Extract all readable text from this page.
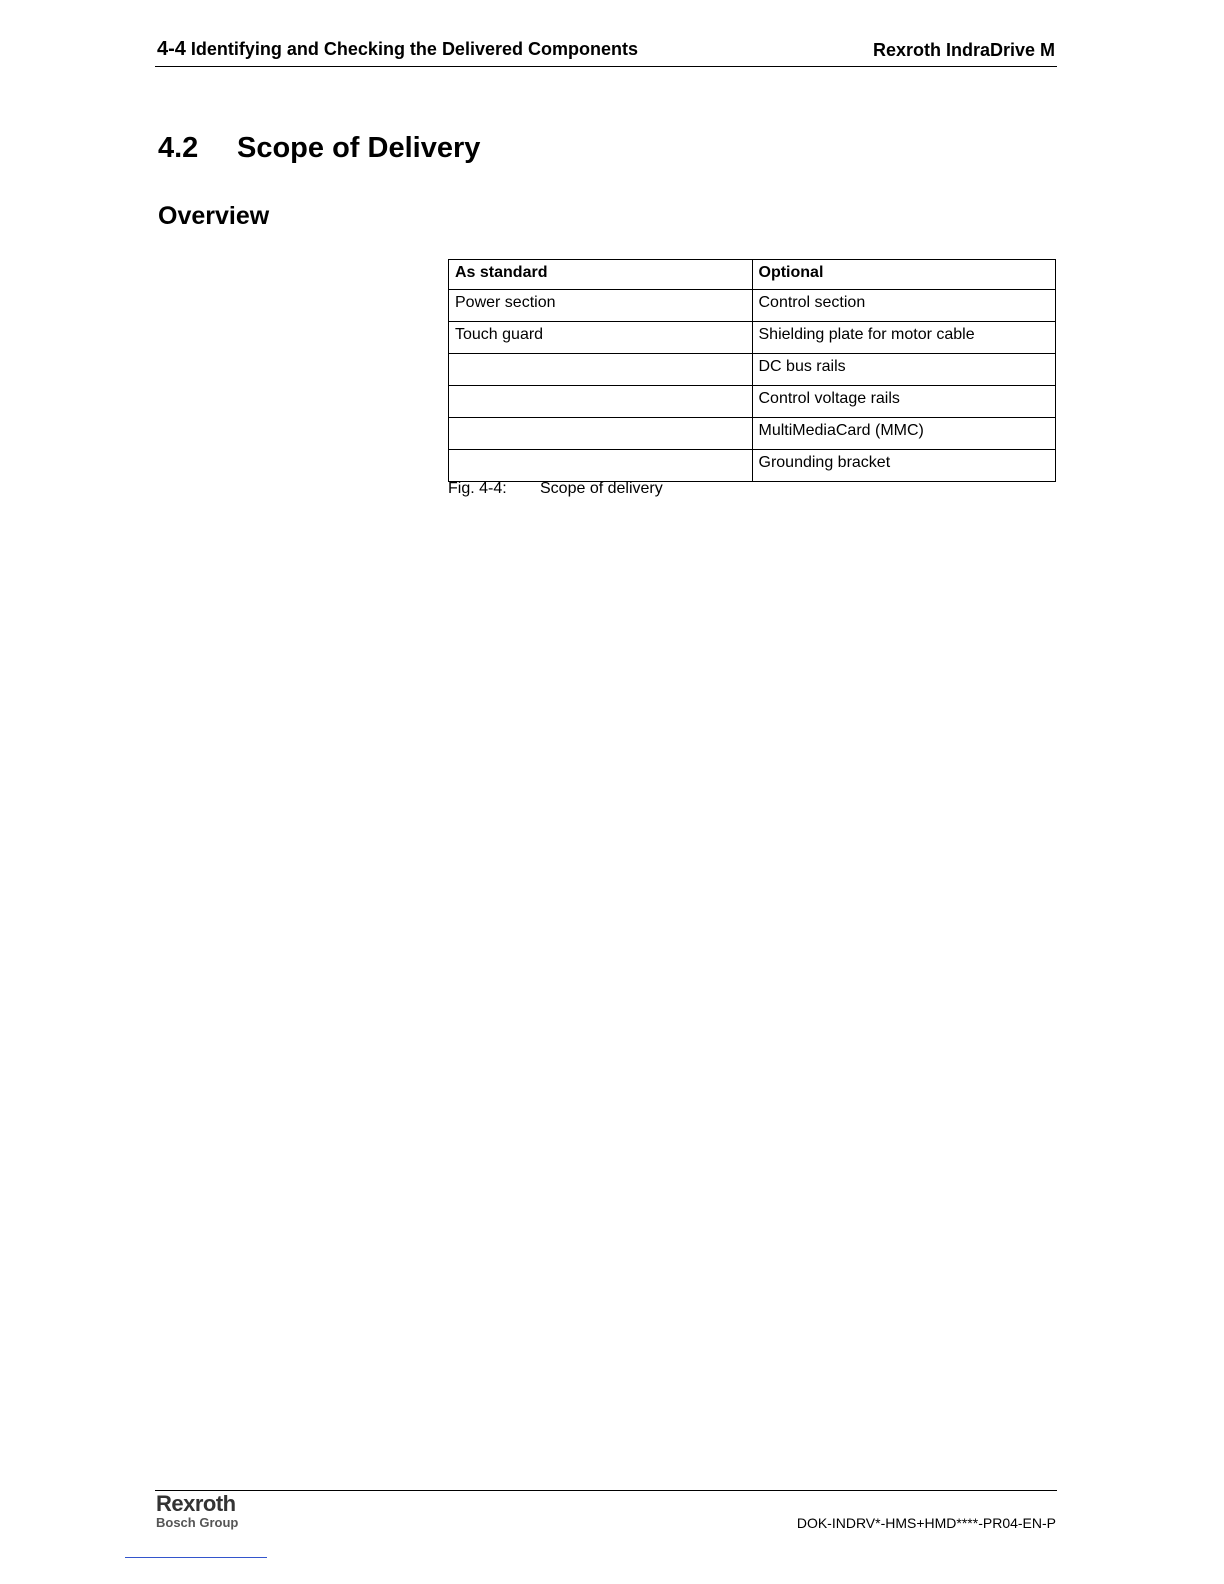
4-4 Identifying and Checking the Delivered Components	Rexroth IndraDrive M
4.2 Scope of Delivery
Overview
As standard	Optional
Power section	Control section
Touch guard	Shielding plate for motor cable
	DC bus rails
	Control voltage rails
	MultiMediaCard (MMC)
	Grounding bracket
Fig. 4-4: Scope of delivery
Rexroth
Bosch Group	DOK-INDRV*-HMS+HMD****-PR04-EN-P
